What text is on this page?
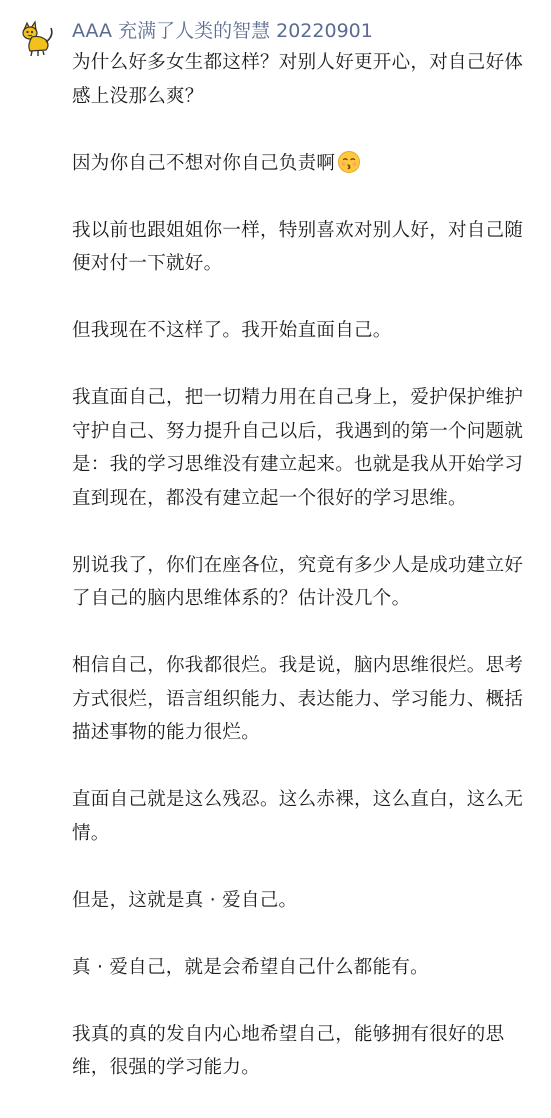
AAA 充满了人类的智慧 20220901

为什么好多女生都这样？对别人好更开心，对自己好体感上没那么爽？

因为你自己不想对你自己负责啊

我以前也跟姐姐你一样，特别喜欢对别人好，对自己随便对付一下就好。

但我现在不这样了。我开始直面自己。

我直面自己，把一切精力用在自己身上，爱护保护维护守护自己、努力提升自己以后，我遇到的第一个问题就是：我的学习思维没有建立起来。也就是我从开始学习直到现在，都没有建立起一个很好的学习思维。

别说我了，你们在座各位，究竟有多少人是成功建立好了自己的脑内思维体系的？估计没几个。

相信自己，你我都很烂。我是说，脑内思维很烂。思考方式很烂，语言组织能力、表达能力、学习能力、概括描述事物的能力很烂。

直面自己就是这么残忍。这么赤裸，这么直白，这么无情。

但是，这就是真 · 爱自己。

真 · 爱自己，就是会希望自己什么都能有。

我真的真的发自内心地希望自己，能够拥有很好的思维，很强的学习能力。
